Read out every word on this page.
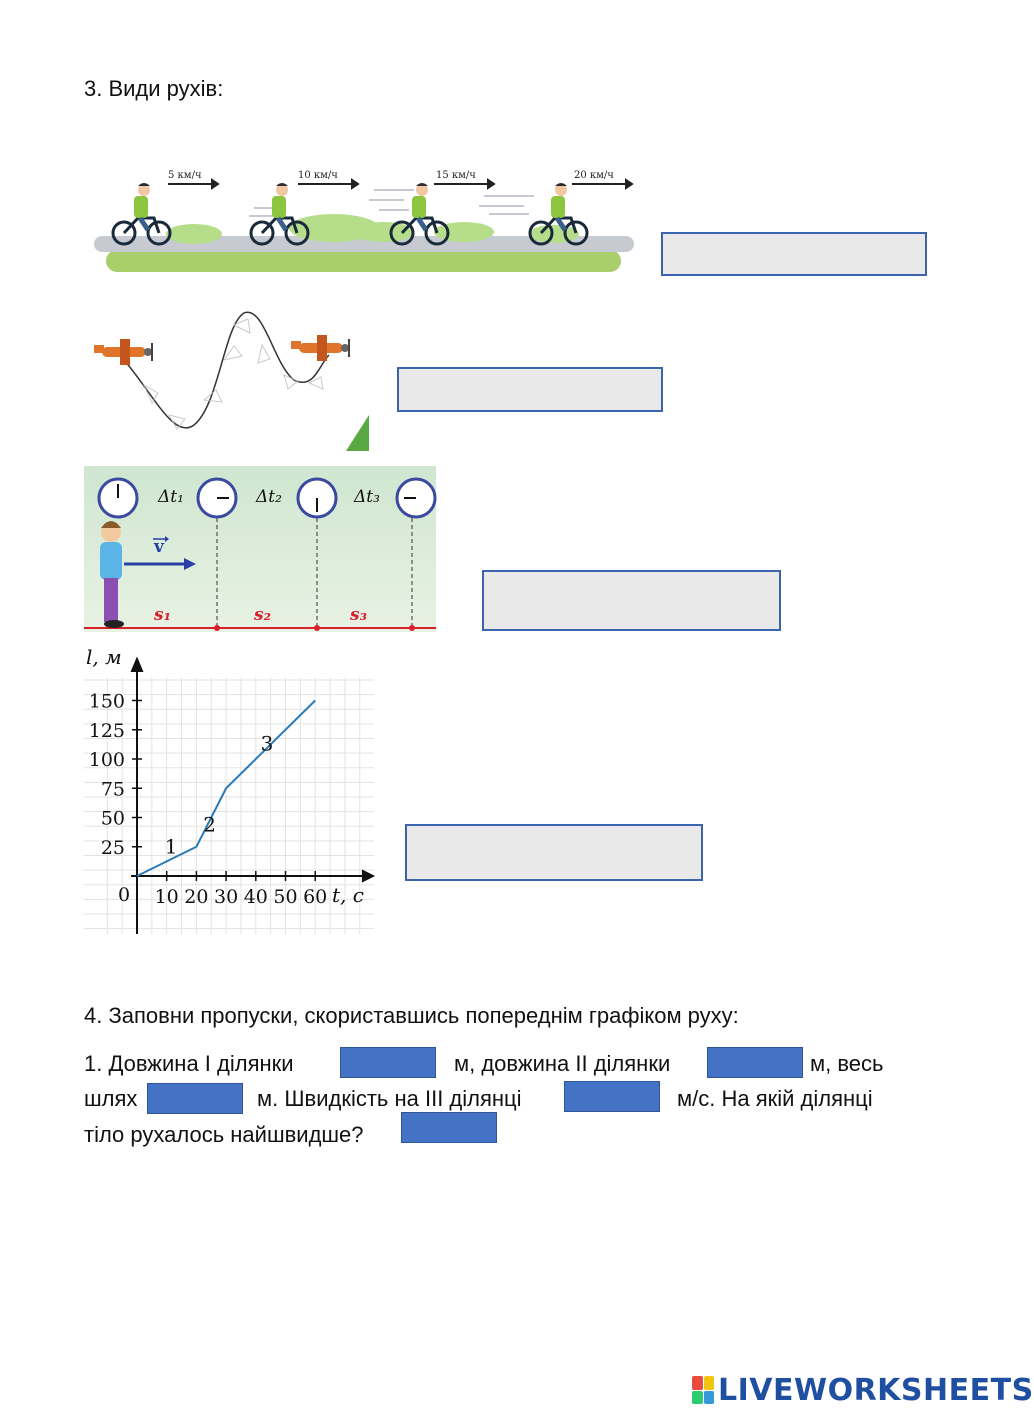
3. Види рухів:
5 км/ч	10 км/ч	15 км/ч	20 км/ч
v
Δt₁	Δt₂	Δt₃
s₁	s₂	s₃
10 20 30 40 50 60
25
50
75
100
125
150
1
2
3
l, м
t, с
0
4. Заповни пропуски, скориставшись попереднім графіком руху:
1. Довжина I ділянки	м, довжина II ділянки	м, весь
шлях	м. Швидкість на III ділянці	м/с. На якій ділянці
тіло рухалось найшвидше?
LIVEWORKSHEETS
